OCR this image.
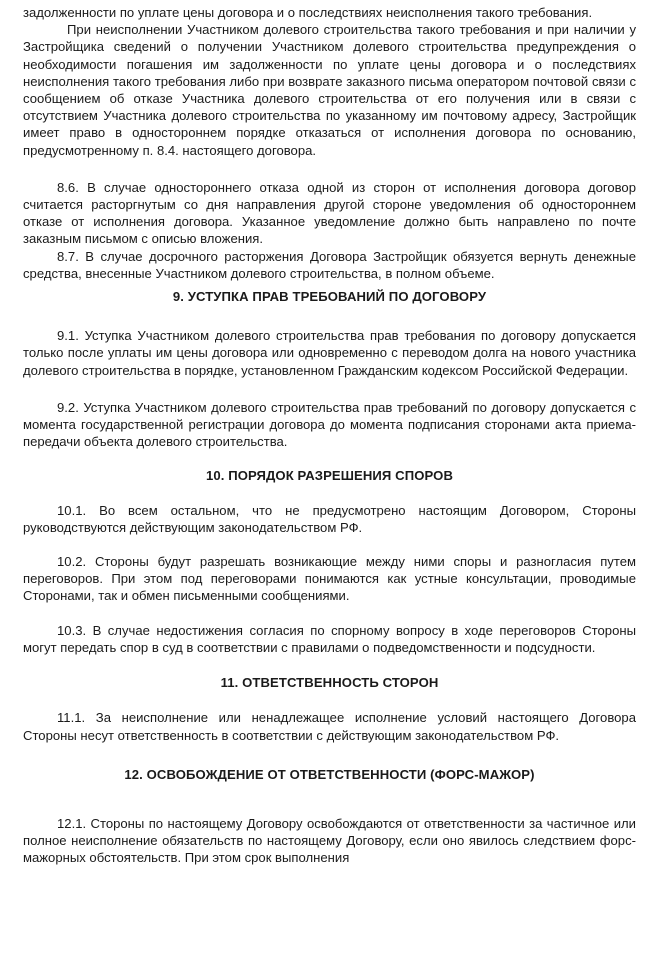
задолженности по уплате цены договора и о последствиях неисполнения такого требования.

При неисполнении Участником долевого строительства такого требования и при наличии у Застройщика сведений о получении Участником долевого строительства предупреждения о необходимости погашения им задолженности по уплате цены договора и о последствиях неисполнения такого требования либо при возврате заказного письма оператором почтовой связи с сообщением об отказе Участника долевого строительства от его получения или в связи с отсутствием Участника долевого строительства по указанному им почтовому адресу, Застройщик имеет право в одностороннем порядке отказаться от исполнения договора по основанию, предусмотренному п. 8.4. настоящего договора.

8.6. В случае одностороннего отказа одной из сторон от исполнения договора договор считается расторгнутым со дня направления другой стороне уведомления об одностороннем отказе от исполнения договора. Указанное уведомление должно быть направлено по почте заказным письмом с описью вложения.

8.7. В случае досрочного расторжения Договора Застройщик обязуется вернуть денежные средства, внесенные Участником долевого строительства, в полном объеме.

9. УСТУПКА ПРАВ ТРЕБОВАНИЙ ПО ДОГОВОРУ

9.1. Уступка Участником долевого строительства прав требования по договору допускается только после уплаты им цены договора или одновременно с переводом долга на нового участника долевого строительства в порядке, установленном Гражданским кодексом Российской Федерации.

9.2. Уступка Участником долевого строительства прав требований по договору допускается с момента государственной регистрации договора до момента подписания сторонами акта приема-передачи объекта долевого строительства.

10. ПОРЯДОК РАЗРЕШЕНИЯ СПОРОВ

10.1. Во всем остальном, что не предусмотрено настоящим Договором, Стороны руководствуются действующим законодательством РФ.

10.2. Стороны будут разрешать возникающие между ними споры и разногласия путем переговоров. При этом под переговорами понимаются как устные консультации, проводимые Сторонами, так и обмен письменными сообщениями.

10.3. В случае недостижения согласия по спорному вопросу в ходе переговоров Стороны могут передать спор в суд в соответствии с правилами о подведомственности и подсудности.

11. ОТВЕТСТВЕННОСТЬ СТОРОН

11.1. За неисполнение или ненадлежащее исполнение условий настоящего Договора Стороны несут ответственность в соответствии с действующим законодательством РФ.

12. ОСВОБОЖДЕНИЕ ОТ ОТВЕТСТВЕННОСТИ (ФОРС-МАЖОР)

12.1. Стороны по настоящему Договору освобождаются от ответственности за частичное или полное неисполнение обязательств по настоящему Договору, если оно явилось следствием форс-мажорных обстоятельств. При этом срок выполнения
